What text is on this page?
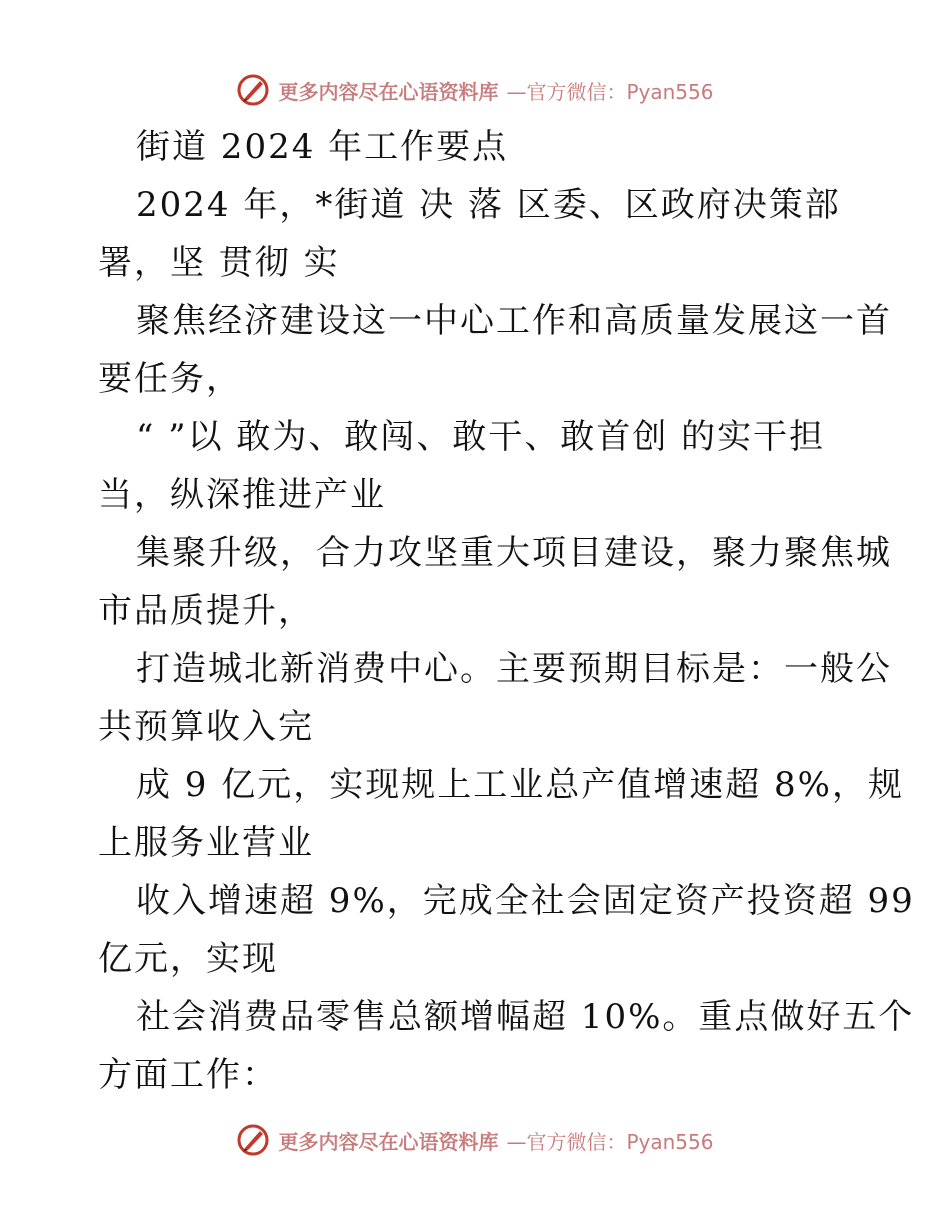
更多内容尽在心语资料库 —官方微信：Pyan556

街道 2024 年工作要点

2024 年，*街道 决 落 区委、区政府决策部

署，坚 贯彻 实

聚焦经济建设这一中心工作和高质量发展这一首

要任务，

“ ”以 敢为、敢闯、敢干、敢首创 的实干担

当，纵深推进产业

集聚升级，合力攻坚重大项目建设，聚力聚焦城

市品质提升，

打造城北新消费中心。主要预期目标是：一般公

共预算收入完

成 9 亿元，实现规上工业总产值增速超 8%，规

上服务业营业

收入增速超 9%，完成全社会固定资产投资超 99

亿元，实现

社会消费品零售总额增幅超 10%。重点做好五个

方面工作：

更多内容尽在心语资料库 —官方微信：Pyan556
